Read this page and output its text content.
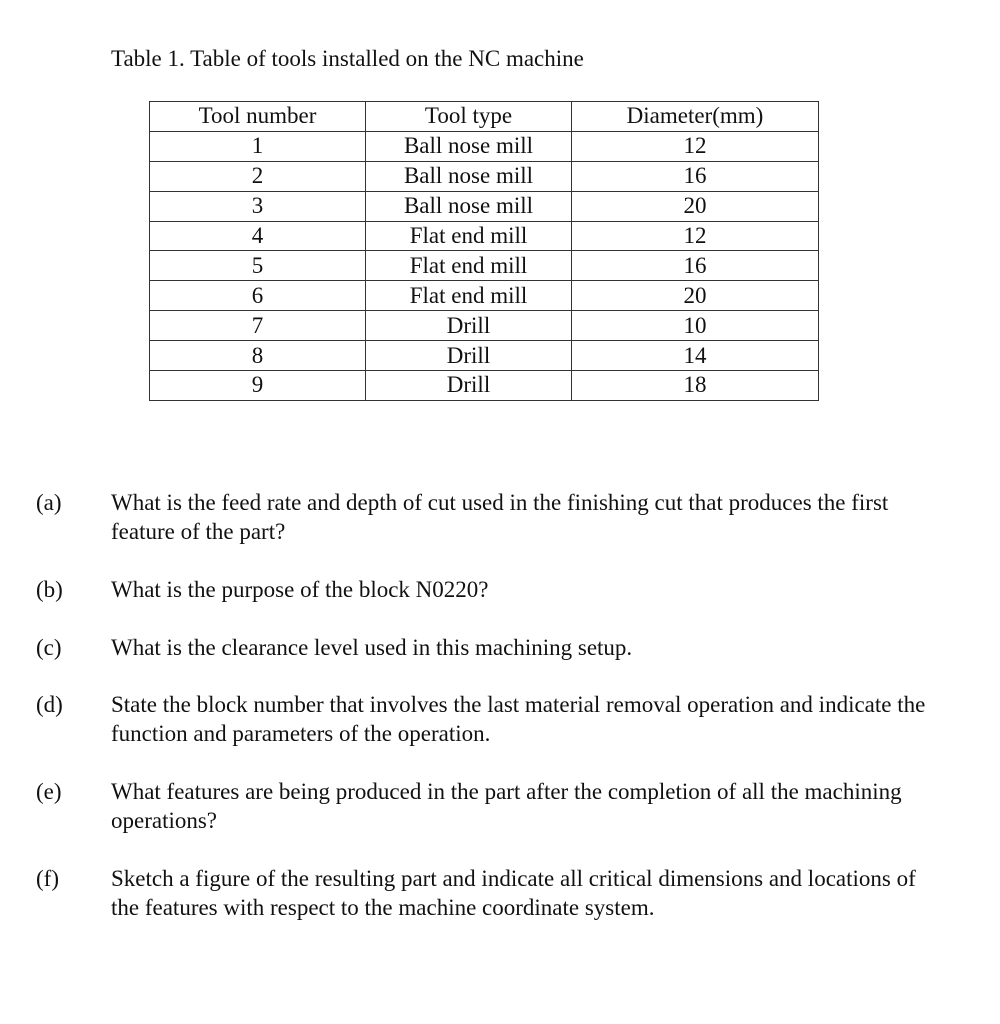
Table 1. Table of tools installed on the NC machine
Tool number	Tool type	Diameter(mm)
1	Ball nose mill	12
2	Ball nose mill	16
3	Ball nose mill	20
4	Flat end mill	12
5	Flat end mill	16
6	Flat end mill	20
7	Drill	10
8	Drill	14
9	Drill	18
(a) What is the feed rate and depth of cut used in the finishing cut that produces the first feature of the part?
(b) What is the purpose of the block N0220?
(c) What is the clearance level used in this machining setup.
(d) State the block number that involves the last material removal operation and indicate the function and parameters of the operation.
(e) What features are being produced in the part after the completion of all the machining operations?
(f) Sketch a figure of the resulting part and indicate all critical dimensions and locations of the features with respect to the machine coordinate system.
